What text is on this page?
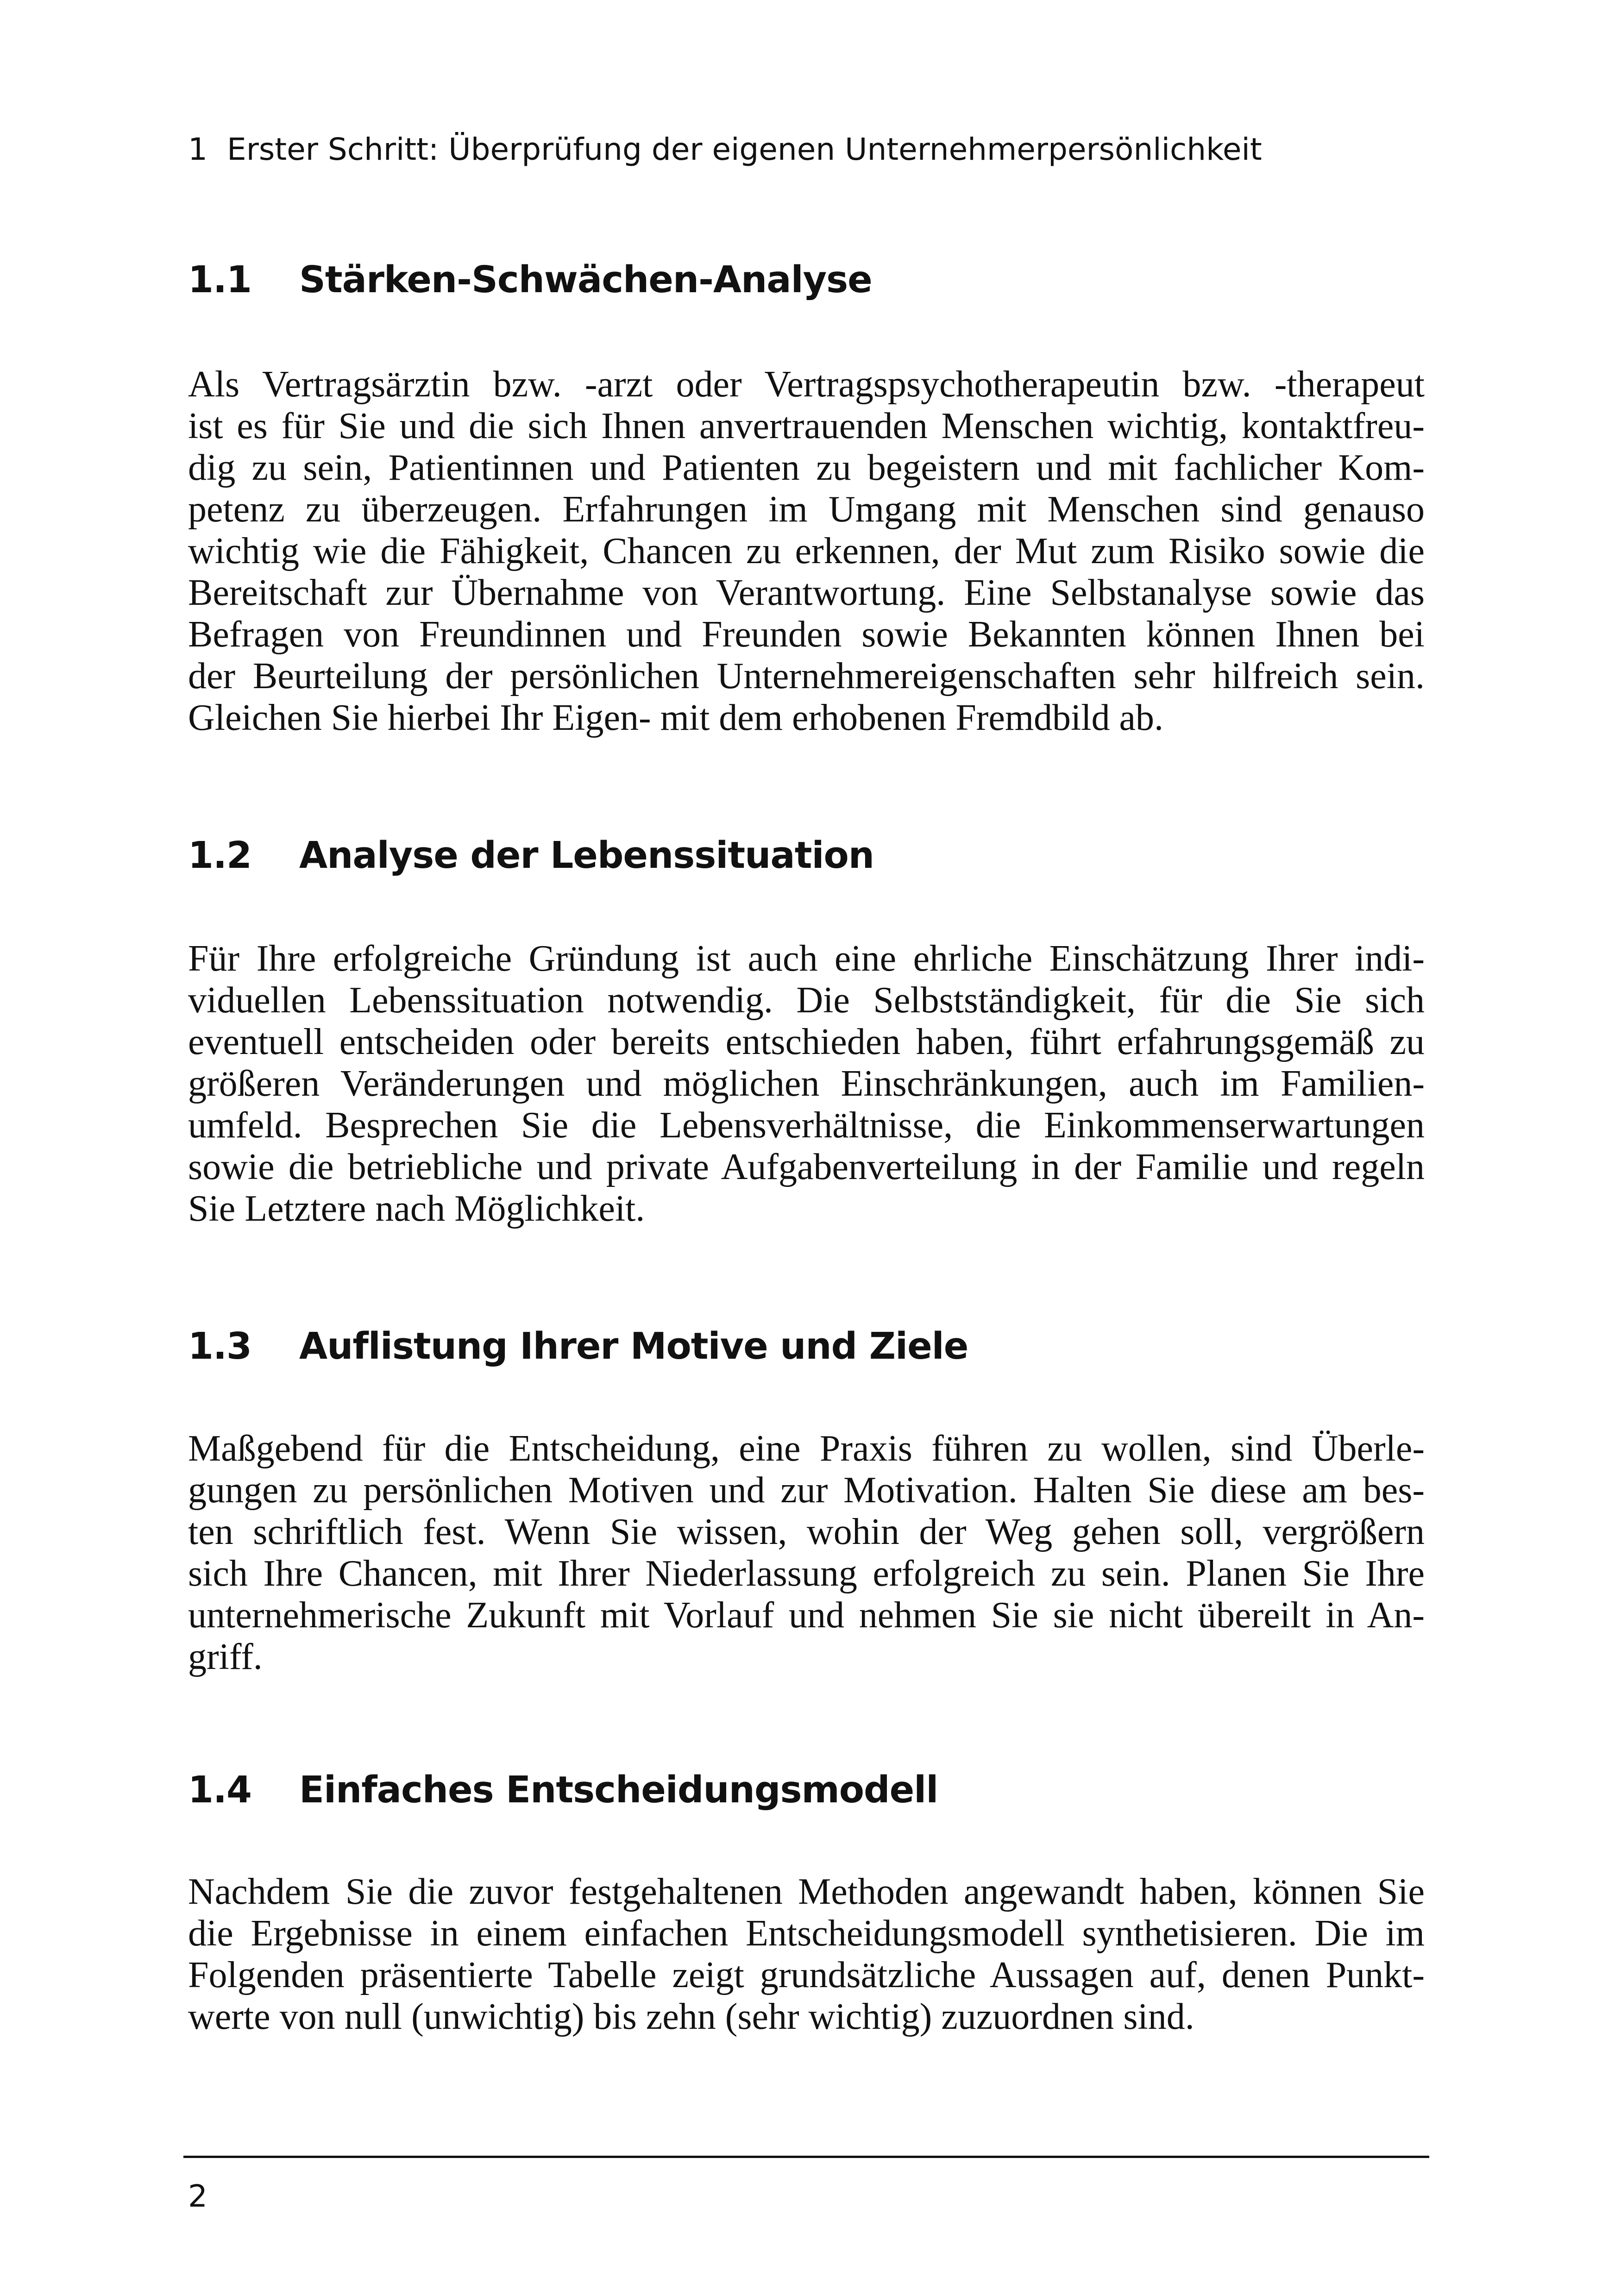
1 Erster Schritt: Überprüfung der eigenen Unternehmerpersönlichkeit
1.1 Stärken-Schwächen-Analyse
Als Vertragsärztin bzw. -arzt oder Vertragspsychotherapeutin bzw. -therapeut
ist es für Sie und die sich Ihnen anvertrauenden Menschen wichtig, kontaktfreu-
dig zu sein, Patientinnen und Patienten zu begeistern und mit fachlicher Kom-
petenz zu überzeugen. Erfahrungen im Umgang mit Menschen sind genauso
wichtig wie die Fähigkeit, Chancen zu erkennen, der Mut zum Risiko sowie die
Bereitschaft zur Übernahme von Verantwortung. Eine Selbstanalyse sowie das
Befragen von Freundinnen und Freunden sowie Bekannten können Ihnen bei
der Beurteilung der persönlichen Unternehmereigenschaften sehr hilfreich sein.
Gleichen Sie hierbei Ihr Eigen- mit dem erhobenen Fremdbild ab.
1.2 Analyse der Lebenssituation
Für Ihre erfolgreiche Gründung ist auch eine ehrliche Einschätzung Ihrer indi-
viduellen Lebenssituation notwendig. Die Selbstständigkeit, für die Sie sich
eventuell entscheiden oder bereits entschieden haben, führt erfahrungsgemäß zu
größeren Veränderungen und möglichen Einschränkungen, auch im Familien-
umfeld. Besprechen Sie die Lebensverhältnisse, die Einkommenserwartungen
sowie die betriebliche und private Aufgabenverteilung in der Familie und regeln
Sie Letztere nach Möglichkeit.
1.3 Auflistung Ihrer Motive und Ziele
Maßgebend für die Entscheidung, eine Praxis führen zu wollen, sind Überle-
gungen zu persönlichen Motiven und zur Motivation. Halten Sie diese am bes-
ten schriftlich fest. Wenn Sie wissen, wohin der Weg gehen soll, vergrößern
sich Ihre Chancen, mit Ihrer Niederlassung erfolgreich zu sein. Planen Sie Ihre
unternehmerische Zukunft mit Vorlauf und nehmen Sie sie nicht übereilt in An-
griff.
1.4 Einfaches Entscheidungsmodell
Nachdem Sie die zuvor festgehaltenen Methoden angewandt haben, können Sie
die Ergebnisse in einem einfachen Entscheidungsmodell synthetisieren. Die im
Folgenden präsentierte Tabelle zeigt grundsätzliche Aussagen auf, denen Punkt-
werte von null (unwichtig) bis zehn (sehr wichtig) zuzuordnen sind.
2
